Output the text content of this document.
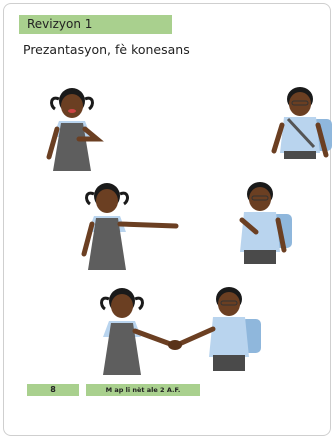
Revizyon 1
Prezantasyon, fè konesans
8	M ap li nèt ale 2 A.F.
